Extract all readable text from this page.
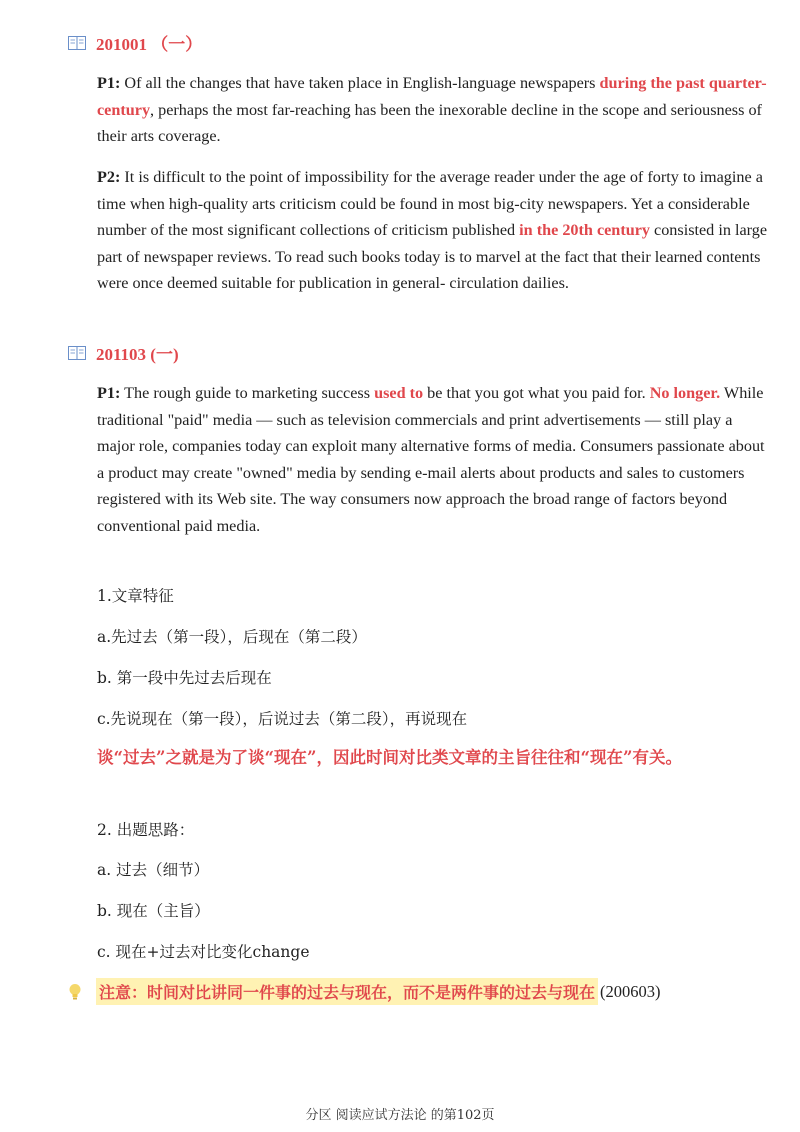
201001 （一）
P1: Of all the changes that have taken place in English-language newspapers during the past quarter-century, perhaps the most far-reaching has been the inexorable decline in the scope and seriousness of their arts coverage.
P2: It is difficult to the point of impossibility for the average reader under the age of forty to imagine a time when high-quality arts criticism could be found in most big-city newspapers. Yet a considerable number of the most significant collections of criticism published in the 20th century consisted in large part of newspaper reviews. To read such books today is to marvel at the fact that their learned contents were once deemed suitable for publication in general- circulation dailies.
201103 (一)
P1: The rough guide to marketing success used to be that you got what you paid for. No longer. While traditional "paid" media — such as television commercials and print advertisements — still play a major role, companies today can exploit many alternative forms of media. Consumers passionate about a product may create "owned" media by sending e-mail alerts about products and sales to customers registered with its Web site. The way consumers now approach the broad range of factors beyond conventional paid media.
1.文章特征
a.先过去（第一段），后现在（第二段）
b. 第一段中先过去后现在
c.先说现在（第一段），后说过去（第二段），再说现在
谈“过去”之就是为了谈“现在”，因此时间对比类文章的主旨往往和“现在”有关。
2. 出题思路：
a. 过去（细节）
b. 现在（主旨）
c. 现在+过去对比变化change
注意：时间对比讲同一件事的过去与现在，而不是两件事的过去与现在 (200603)
分区 阅读应试方法论 的第102页
